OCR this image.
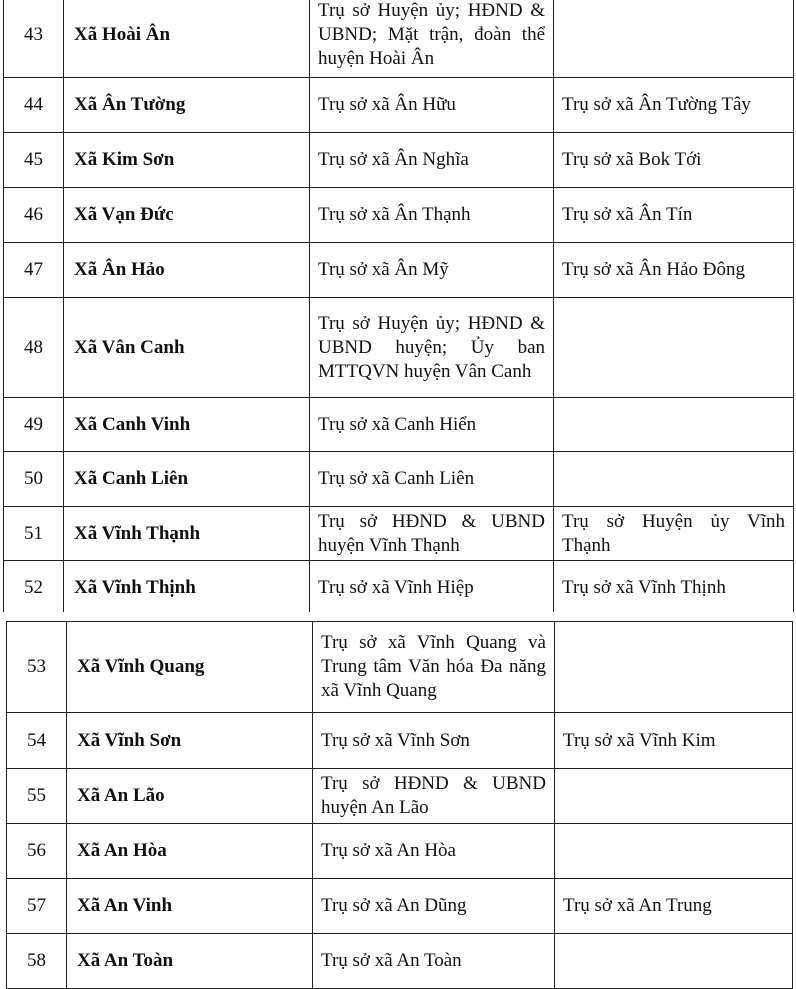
43	Xã Hoài Ân	Trụ sở Huyện ủy; HĐND & UBND; Mặt trận, đoàn thể huyện Hoài Ân	
44	Xã Ân Tường	Trụ sở xã Ân Hữu	Trụ sở xã Ân Tường Tây
45	Xã Kim Sơn	Trụ sở xã Ân Nghĩa	Trụ sở xã Bok Tới
46	Xã Vạn Đức	Trụ sở xã Ân Thạnh	Trụ sở xã Ân Tín
47	Xã Ân Hảo	Trụ sở xã Ân Mỹ	Trụ sở xã Ân Hảo Đông
48	Xã Vân Canh	Trụ sở Huyện ủy; HĐND & UBND huyện; Ủy ban MTTQVN huyện Vân Canh	
49	Xã Canh Vinh	Trụ sở xã Canh Hiển	
50	Xã Canh Liên	Trụ sở xã Canh Liên	
51	Xã Vĩnh Thạnh	Trụ sở HĐND & UBND huyện Vĩnh Thạnh	Trụ sở Huyện ủy Vĩnh Thạnh
52	Xã Vĩnh Thịnh	Trụ sở xã Vĩnh Hiệp	Trụ sở xã Vĩnh Thịnh
53	Xã Vĩnh Quang	Trụ sở xã Vĩnh Quang và Trung tâm Văn hóa Đa năng xã Vĩnh Quang	
54	Xã Vĩnh Sơn	Trụ sở xã Vĩnh Sơn	Trụ sở xã Vĩnh Kim
55	Xã An Lão	Trụ sở HĐND & UBND huyện An Lão	
56	Xã An Hòa	Trụ sở xã An Hòa	
57	Xã An Vinh	Trụ sở xã An Dũng	Trụ sở xã An Trung
58	Xã An Toàn	Trụ sở xã An Toàn	
